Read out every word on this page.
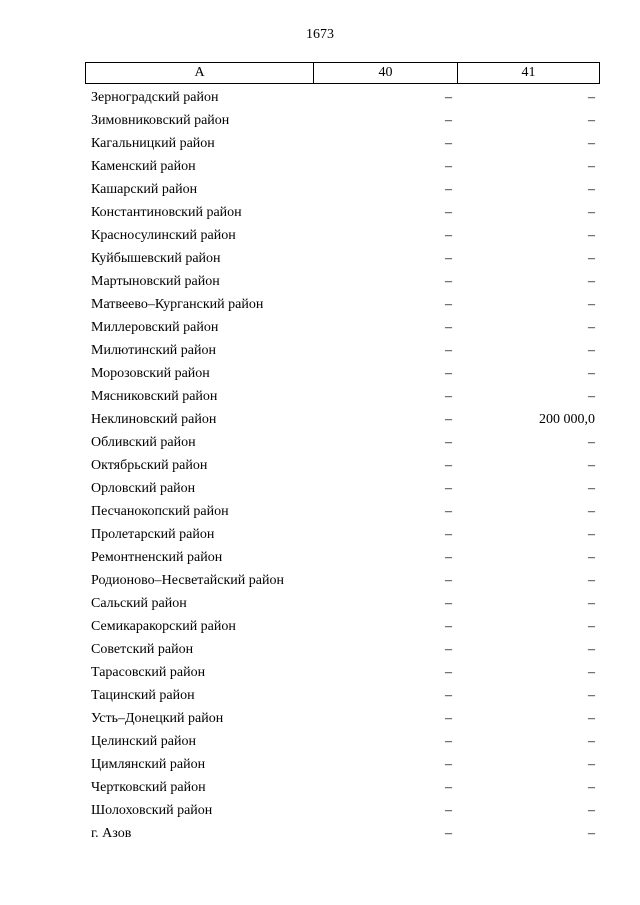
1673
А	40	41
Зерноградский район	–	–
Зимовниковский район	–	–
Кагальницкий район	–	–
Каменский район	–	–
Кашарский район	–	–
Константиновский район	–	–
Красносулинский район	–	–
Куйбышевский район	–	–
Мартыновский район	–	–
Матвеево–Курганский район	–	–
Миллеровский район	–	–
Милютинский район	–	–
Морозовский район	–	–
Мясниковский район	–	–
Неклиновский район	–	200 000,0
Обливский район	–	–
Октябрьский район	–	–
Орловский район	–	–
Песчанокопский район	–	–
Пролетарский район	–	–
Ремонтненский район	–	–
Родионово–Несветайский район	–	–
Сальский район	–	–
Семикаракорский район	–	–
Советский район	–	–
Тарасовский район	–	–
Тацинский район	–	–
Усть–Донецкий район	–	–
Целинский район	–	–
Цимлянский район	–	–
Чертковский район	–	–
Шолоховский район	–	–
г. Азов	–	–
